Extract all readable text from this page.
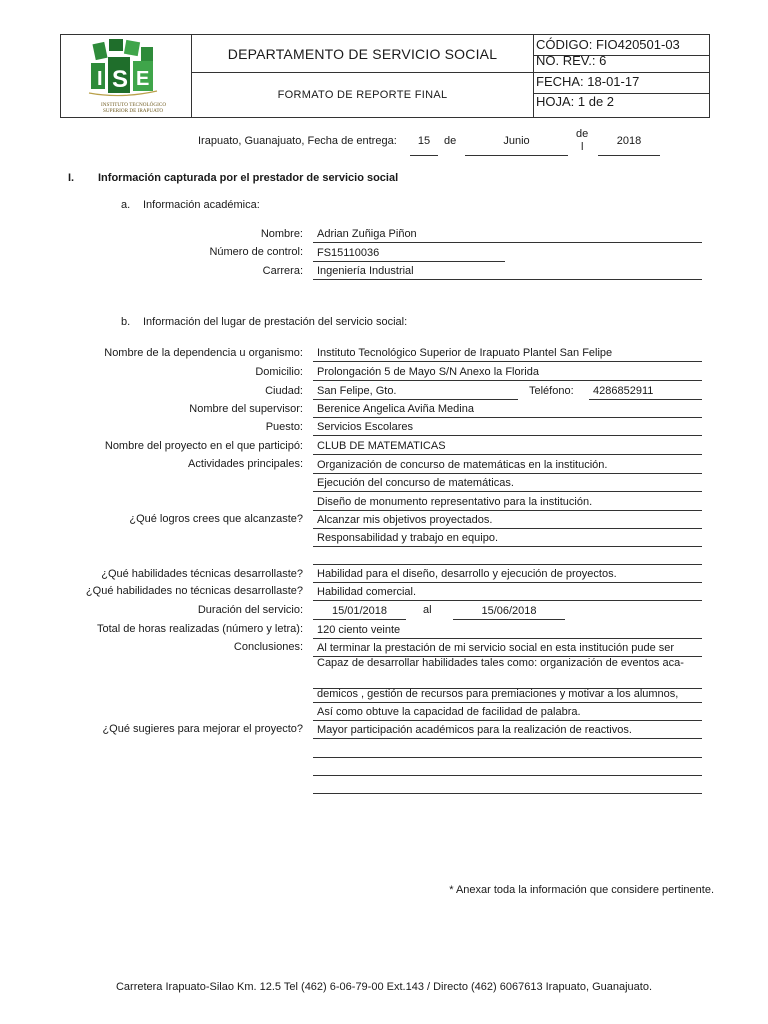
I S E
INSTITUTO TECNOLÓGICO
SUPERIOR DE IRAPUATO
DEPARTAMENTO DE SERVICIO SOCIAL
FORMATO DE REPORTE FINAL
CÓDIGO: FIO420501-03
NO. REV.: 6
FECHA: 18-01-17
HOJA: 1 de 2
Irapuato, Guanajuato, Fecha de entrega:	15	de	Junio
de
l	2018
I. Información capturada por el prestador de servicio social
a. Información académica:
Nombre:	Adrian Zuñiga Piñon
Número de control:	FS15110036
Carrera:	Ingeniería Industrial
b. Información del lugar de prestación del servicio social:
Nombre de la dependencia u organismo:	Instituto Tecnológico Superior de Irapuato Plantel San Felipe
Domicilio:	Prolongación 5 de Mayo S/N Anexo la Florida
Ciudad:	San Felipe, Gto.	Teléfono:	4286852911
Nombre del supervisor:	Berenice Angelica Aviña Medina
Puesto:	Servicios Escolares
Nombre del proyecto en el que participó:	CLUB DE MATEMATICAS
Actividades principales:	Organización de concurso de matemáticas en la institución.
Ejecución del concurso de matemáticas.
Diseño de monumento representativo para la institución.
¿Qué logros crees que alcanzaste?	Alcanzar mis objetivos proyectados.
Responsabilidad y trabajo en equipo.
¿Qué habilidades técnicas desarrollaste?	Habilidad para el diseño, desarrollo y ejecución de proyectos.
¿Qué habilidades no técnicas desarrollaste?	Habilidad comercial.
Duración del servicio:	15/01/2018	al	15/06/2018
Total de horas realizadas (número y letra):	120 ciento veinte
Conclusiones:	Al terminar la prestación de mi servicio social en esta institución pude ser
Capaz de desarrollar habilidades tales como: organización de eventos aca-
demicos , gestión de recursos para premiaciones y motivar a los alumnos,
Así como obtuve la capacidad de facilidad de palabra.
¿Qué sugieres para mejorar el proyecto?	Mayor participación académicos para la realización de reactivos.
* Anexar toda la información que considere pertinente.
Carretera Irapuato-Silao Km. 12.5 Tel (462) 6-06-79-00 Ext.143 / Directo (462) 6067613 Irapuato, Guanajuato.
